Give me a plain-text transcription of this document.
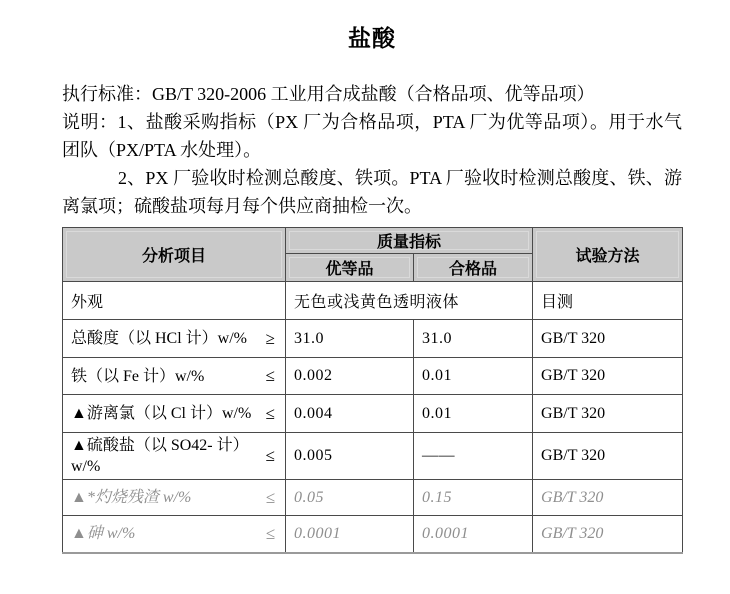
盐酸

执行标准：GB/T 320-2006 工业用合成盐酸（合格品项、优等品项）

说明：1、盐酸采购指标（PX 厂为合格品项，PTA 厂为优等品项）。用于水气团队（PX/PTA 水处理）。

2、PX 厂验收时检测总酸度、铁项。PTA 厂验收时检测总酸度、铁、游离氯项；硫酸盐项每月每个供应商抽检一次。

分析项目	质量指标		试验方法
	优等品	合格品	
外观	无色或浅黄色透明液体		目测

总酸度（以 HCl 计）w/% ≥	31.0	31.0	GB/T 320

铁（以 Fe 计）w/% ≤	0.002	0.01	GB/T 320

▲游离氯（以 Cl 计）w/% ≤	0.004	0.01	GB/T 320

▲硫酸盐（以 SO42- 计）w/%
≤	0.005	——	GB/T 320

▲*灼烧残渣 w/% ≤	0.05	0.15	GB/T 320

▲砷 w/% ≤	0.0001	0.0001	GB/T 320
